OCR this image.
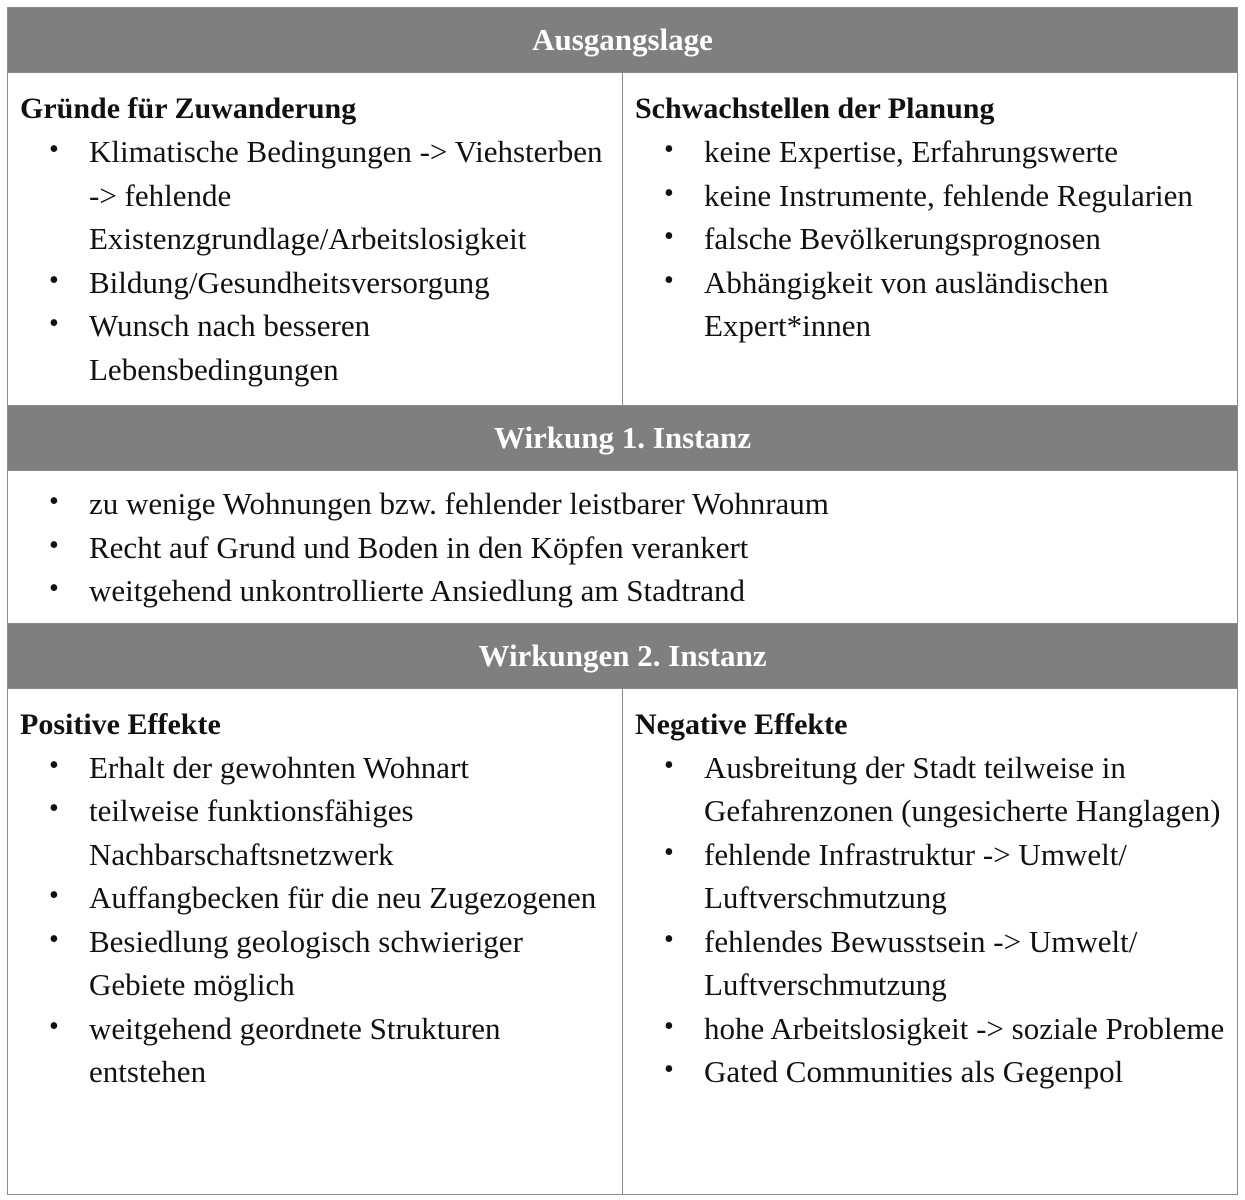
Ausgangslage

Gründe für Zuwanderung

• Klimatische Bedingungen -> Viehsterben -> fehlende Existenzgrundlage/Arbeitslosigkeit
• Bildung/Gesundheitsversorgung
• Wunsch nach besseren Lebensbedingungen

Schwachstellen der Planung

• keine Expertise, Erfahrungswerte
• keine Instrumente, fehlende Regularien
• falsche Bevölkerungsprognosen
• Abhängigkeit von ausländischen Expert*innen
Wirkung 1. Instanz
• zu wenige Wohnungen bzw. fehlender leistbarer Wohnraum
• Recht auf Grund und Boden in den Köpfen verankert
• weitgehend unkontrollierte Ansiedlung am Stadtrand
Wirkungen 2. Instanz

Positive Effekte

• Erhalt der gewohnten Wohnart
• teilweise funktionsfähiges Nachbarschaftsnetzwerk
• Auffangbecken für die neu Zugezogenen
• Besiedlung geologisch schwieriger Gebiete möglich
• weitgehend geordnete Strukturen entstehen

Negative Effekte

• Ausbreitung der Stadt teilweise in Gefahrenzonen (ungesicherte Hanglagen)
• fehlende Infrastruktur -> Umwelt/ Luftverschmutzung
• fehlendes Bewusstsein -> Umwelt/ Luftverschmutzung
• hohe Arbeitslosigkeit -> soziale Probleme
• Gated Communities als Gegenpol
